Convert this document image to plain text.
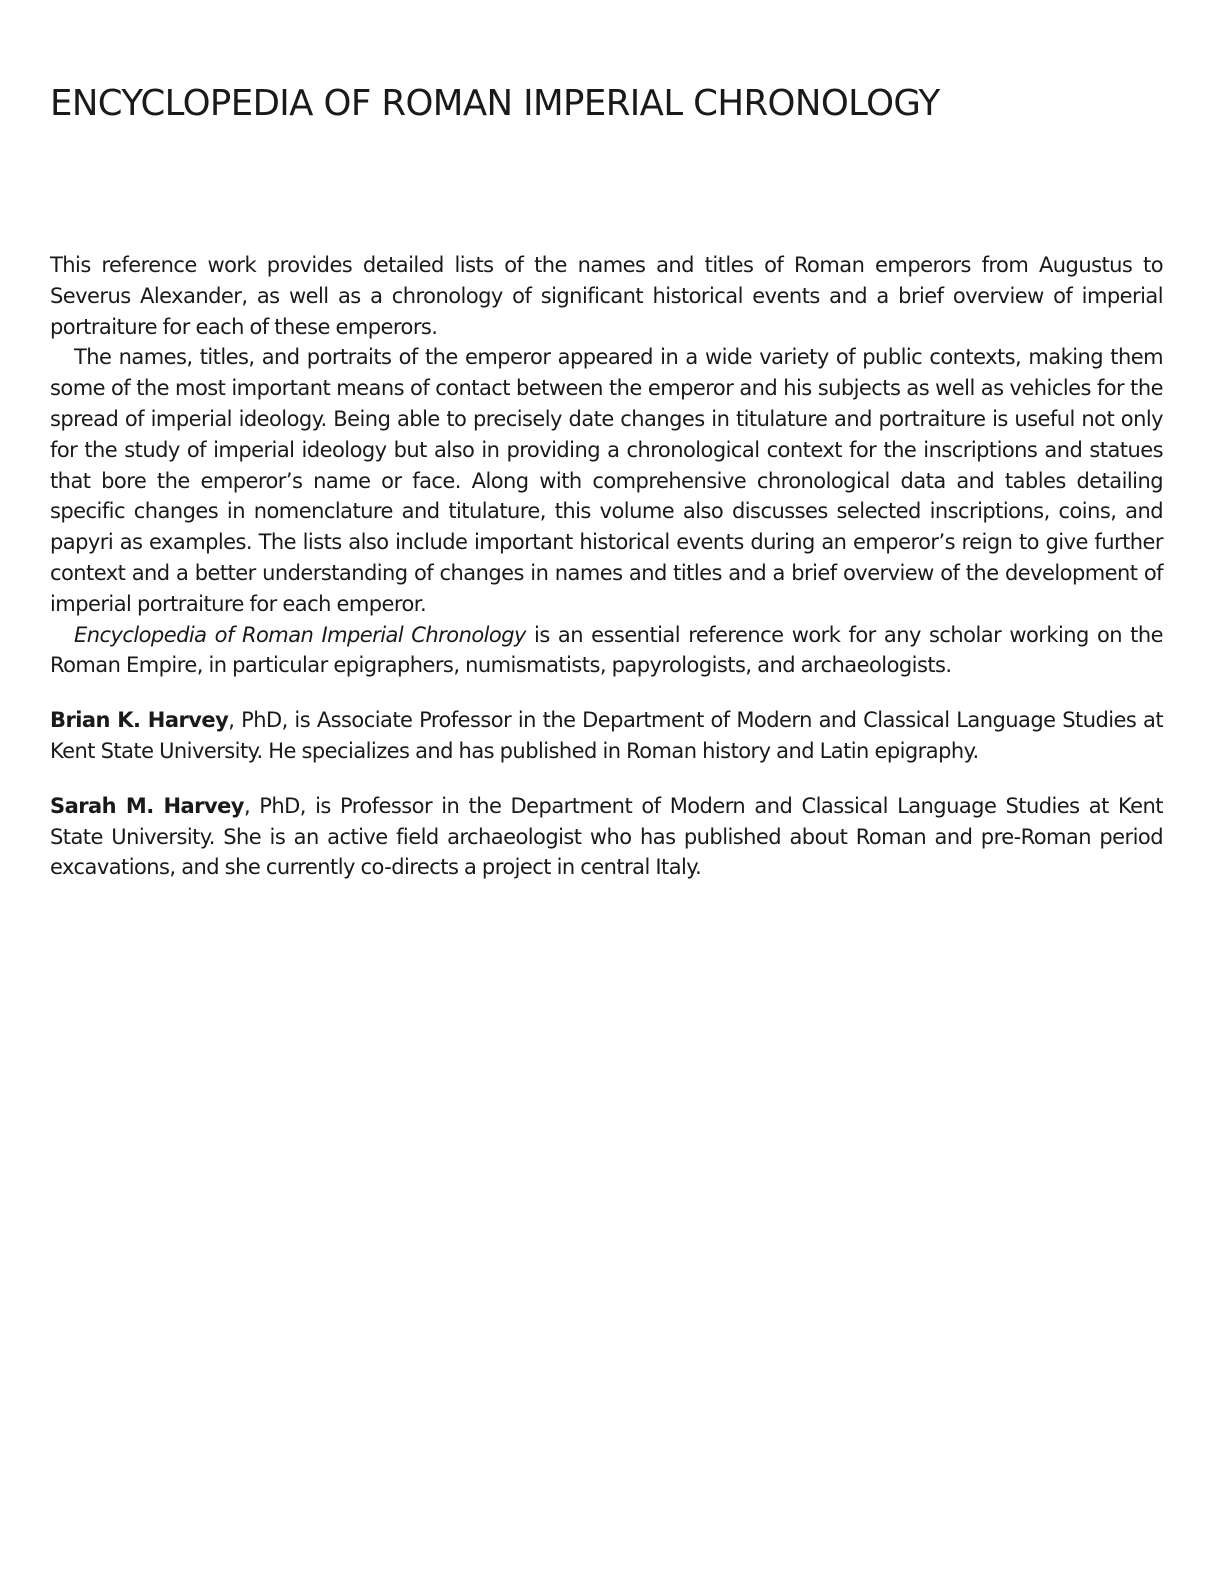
ENCYCLOPEDIA OF ROMAN IMPERIAL CHRONOLOGY

This reference work provides detailed lists of the names and titles of Roman emperors from Augustus to Severus Alexander, as well as a chronology of significant historical events and a brief overview of imperial portraiture for each of these emperors.

The names, titles, and portraits of the emperor appeared in a wide variety of public contexts, making them some of the most important means of contact between the emperor and his subjects as well as vehicles for the spread of imperial ideology. Being able to precisely date changes in titulature and portraiture is useful not only for the study of imperial ideology but also in providing a chronological context for the inscriptions and statues that bore the emperor’s name or face. Along with comprehensive chronological data and tables detailing specific changes in nomenclature and titulature, this volume also discusses selected inscriptions, coins, and papyri as examples. The lists also include important historical events during an emperor’s reign to give further context and a better understanding of changes in names and titles and a brief overview of the development of imperial portraiture for each emperor.

Encyclopedia of Roman Imperial Chronology is an essential reference work for any scholar working on the Roman Empire, in particular epigraphers, numismatists, papyrologists, and archaeologists.

Brian K. Harvey, PhD, is Associate Professor in the Department of Modern and Classical Language Studies at Kent State University. He specializes and has published in Roman history and Latin epigraphy.

Sarah M. Harvey, PhD, is Professor in the Department of Modern and Classical Language Studies at Kent State University. She is an active field archaeologist who has published about Roman and pre-Roman period excavations, and she currently co-directs a project in central Italy.
